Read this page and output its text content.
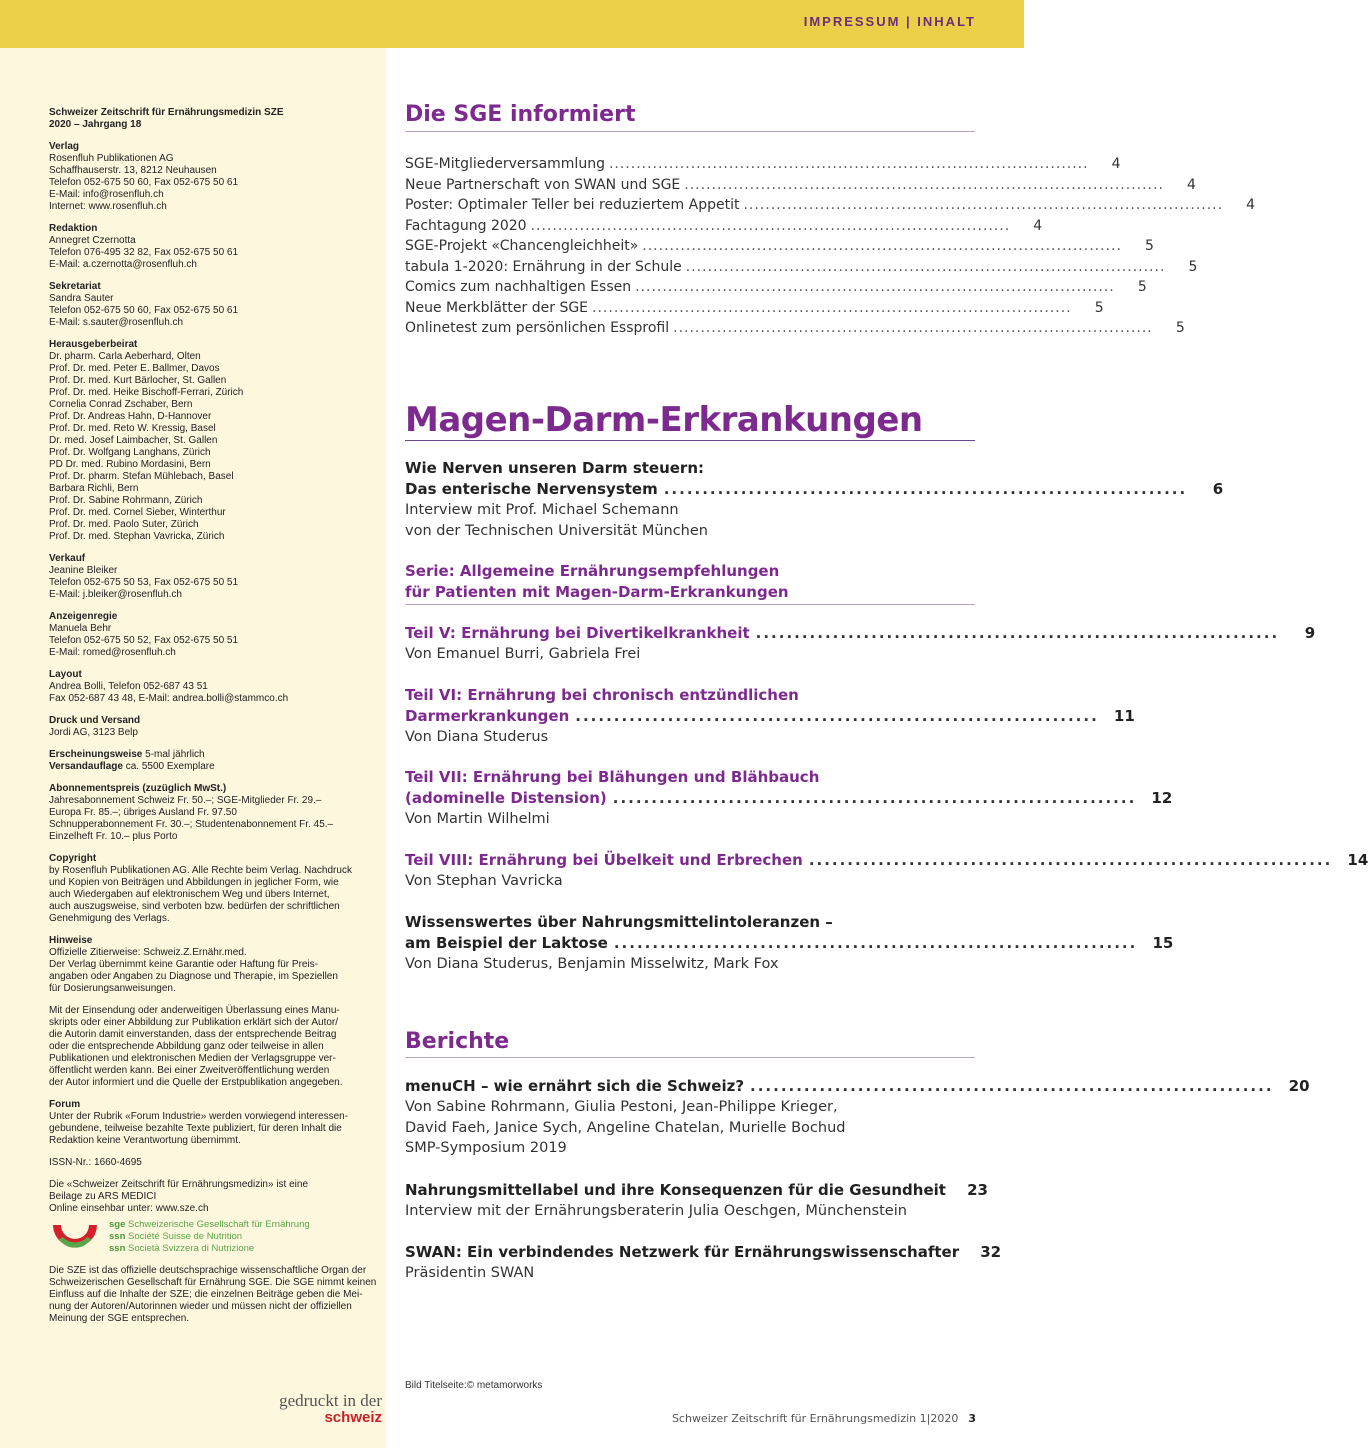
IMPRESSUM | INHALT
Schweizer Zeitschrift für Ernährungsmedizin SZE
2020 – Jahrgang 18
Verlag
Rosenfluh Publikationen AG
Schaffhauserstr. 13, 8212 Neuhausen
Telefon 052-675 50 60, Fax 052-675 50 61
E-Mail: info@rosenfluh.ch
Internet: www.rosenfluh.ch
Redaktion
Annegret Czernotta
Telefon 076-495 32 82, Fax 052-675 50 61
E-Mail: a.czernotta@rosenfluh.ch
Sekretariat
Sandra Sauter
Telefon 052-675 50 60, Fax 052-675 50 61
E-Mail: s.sauter@rosenfluh.ch
Herausgeberbeirat
Dr. pharm. Carla Aeberhard, Olten
Prof. Dr. med. Peter E. Ballmer, Davos
Prof. Dr. med. Kurt Bärlocher, St. Gallen
Prof. Dr. med. Heike Bischoff-Ferrari, Zürich
Cornelia Conrad Zschaber, Bern
Prof. Dr. Andreas Hahn, D-Hannover
Prof. Dr. med. Reto W. Kressig, Basel
Dr. med. Josef Laimbacher, St. Gallen
Prof. Dr. Wolfgang Langhans, Zürich
PD Dr. med. Rubino Mordasini, Bern
Prof. Dr. pharm. Stefan Mühlebach, Basel
Barbara Richli, Bern
Prof. Dr. Sabine Rohrmann, Zürich
Prof. Dr. med. Cornel Sieber, Winterthur
Prof. Dr. med. Paolo Suter, Zürich
Prof. Dr. med. Stephan Vavricka, Zürich
Verkauf
Jeanine Bleiker
Telefon 052-675 50 53, Fax 052-675 50 51
E-Mail: j.bleiker@rosenfluh.ch
Anzeigenregie
Manuela Behr
Telefon 052-675 50 52, Fax 052-675 50 51
E-Mail: romed@rosenfluh.ch
Layout
Andrea Bolli, Telefon 052-687 43 51
Fax 052-687 43 48, E-Mail: andrea.bolli@stammco.ch
Druck und Versand
Jordi AG, 3123 Belp
Erscheinungsweise 5-mal jährlich
Versandauflage ca. 5500 Exemplare
Abonnementspreis (zuzüglich MwSt.)
Jahresabonnement Schweiz Fr. 50.–; SGE-Mitglieder Fr. 29.–
Europa Fr. 85.–; übriges Ausland Fr. 97.50
Schnupperabonnement Fr. 30.–; Studentenabonnement Fr. 45.–
Einzelheft Fr. 10.– plus Porto
Copyright
by Rosenfluh Publikationen AG. Alle Rechte beim Verlag. Nachdruck
und Kopien von Beiträgen und Abbildungen in jeglicher Form, wie
auch Wiedergaben auf elektronischem Weg und übers Internet,
auch auszugsweise, sind verboten bzw. bedürfen der schriftlichen
Genehmigung des Verlags.
Hinweise
Offizielle Zitierweise: Schweiz.Z.Ernähr.med.
Der Verlag übernimmt keine Garantie oder Haftung für Preis-
angaben oder Angaben zu Diagnose und Therapie, im Speziellen
für Dosierungsanweisungen.
Mit der Einsendung oder anderweitigen Überlassung eines Manu-
skripts oder einer Abbildung zur Publikation erklärt sich der Autor/
die Autorin damit einverstanden, dass der entsprechende Beitrag
oder die entsprechende Abbildung ganz oder teilweise in allen
Publikationen und elektronischen Medien der Verlagsgruppe ver-
öffentlicht werden kann. Bei einer Zweitveröffentlichung werden
der Autor informiert und die Quelle der Erstpublikation angegeben.
Forum
Unter der Rubrik «Forum Industrie» werden vorwiegend interessen-
gebundene, teilweise bezahlte Texte publiziert, für deren Inhalt die
Redaktion keine Verantwortung übernimmt.
ISSN-Nr.: 1660-4695
Die «Schweizer Zeitschrift für Ernährungsmedizin» ist eine
Beilage zu ARS MEDICI
Online einsehbar unter: www.sze.ch
sge Schweizerische Gesellschaft für Ernährung
ssn Société Suisse de Nutrition
ssn Società Svizzera di Nutrizione
Die SZE ist das offizielle deutschsprachige wissenschaftliche Organ der
Schweizerischen Gesellschaft für Ernährung SGE. Die SGE nimmt keinen
Einfluss auf die Inhalte der SZE; die einzelnen Beiträge geben die Mei-
nung der Autoren/Autorinnen wieder und müssen nicht der offiziellen
Meinung der SGE entsprechen.
gedruckt in der
schweiz
Die SGE informiert
SGE-Mitgliederversammlung ........................................................................................	4
Neue Partnerschaft von SWAN und SGE ........................................................................................	4
Poster: Optimaler Teller bei reduziertem Appetit ........................................................................................	4
Fachtagung 2020 ........................................................................................	4
SGE-Projekt «Chancengleichheit» ........................................................................................	5
tabula 1-2020: Ernährung in der Schule ........................................................................................	5
Comics zum nachhaltigen Essen ........................................................................................	5
Neue Merkblätter der SGE ........................................................................................	5
Onlinetest zum persönlichen Essprofil ........................................................................................	5
Magen-Darm-Erkrankungen
Wie Nerven unseren Darm steuern:
Das enterische Nervensystem ....................................................................	6
Interview mit Prof. Michael Schemann
von der Technischen Universität München
Serie: Allgemeine Ernährungsempfehlungen
für Patienten mit Magen-Darm-Erkrankungen
Teil V: Ernährung bei Divertikelkrankheit ....................................................................	9
Von Emanuel Burri, Gabriela Frei
Teil VI: Ernährung bei chronisch entzündlichen
Darmerkrankungen ....................................................................	11
Von Diana Studerus
Teil VII: Ernährung bei Blähungen und Blähbauch
(adominelle Distension) ....................................................................	12
Von Martin Wilhelmi
Teil VIII: Ernährung bei Übelkeit und Erbrechen ....................................................................	14
Von Stephan Vavricka
Wissenswertes über Nahrungsmittelintoleranzen –
am Beispiel der Laktose ....................................................................	15
Von Diana Studerus, Benjamin Misselwitz, Mark Fox
Berichte
menuCH – wie ernährt sich die Schweiz? ....................................................................	20
Von Sabine Rohrmann, Giulia Pestoni, Jean-Philippe Krieger,
David Faeh, Janice Sych, Angeline Chatelan, Murielle Bochud
SMP-Symposium 2019
Nahrungsmittellabel und ihre Konsequenzen für die Gesundheit	23
Interview mit der Ernährungsberaterin Julia Oeschgen, Münchenstein
SWAN: Ein verbindendes Netzwerk für Ernährungswissenschafter	32
Präsidentin SWAN
Bild Titelseite:© metamorworks
Schweizer Zeitschrift für Ernährungsmedizin 1|2020 3
